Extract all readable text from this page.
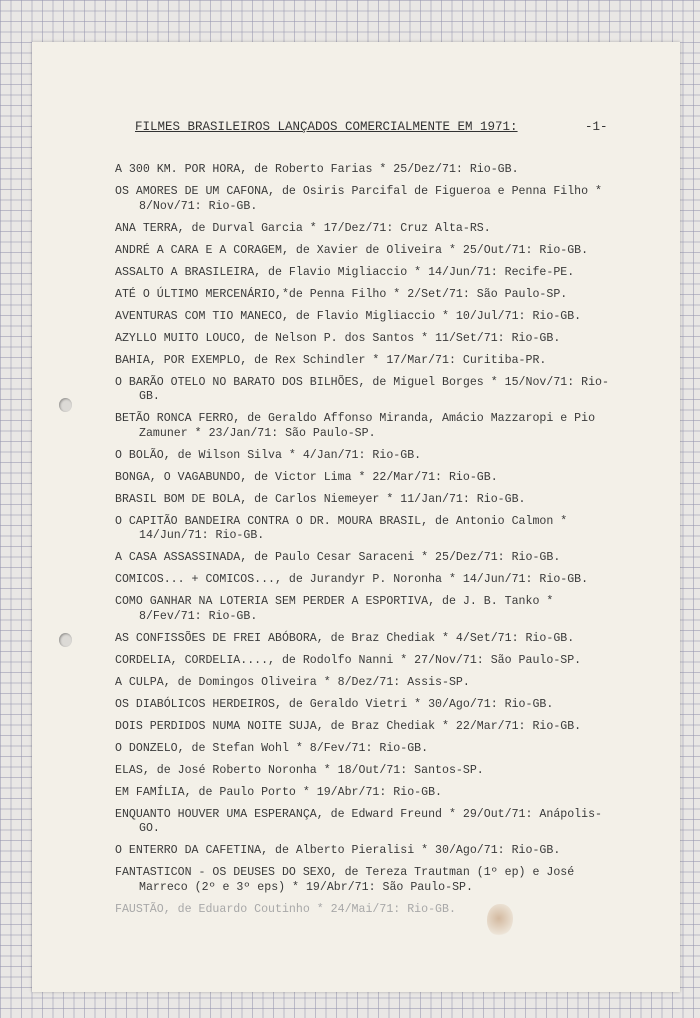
FILMES BRASILEIROS LANÇADOS COMERCIALMENTE EM 1971:	-1-
A 300 KM. POR HORA, de Roberto Farias * 25/Dez/71: Rio-GB.
OS AMORES DE UM CAFONA, de Osiris Parcifal de Figueroa e Penna Filho * 8/Nov/71: Rio-GB.
ANA TERRA, de Durval Garcia * 17/Dez/71: Cruz Alta-RS.
ANDRÉ A CARA E A CORAGEM, de Xavier de Oliveira * 25/Out/71: Rio-GB.
ASSALTO A BRASILEIRA, de Flavio Migliaccio * 14/Jun/71: Recife-PE.
ATÉ O ÚLTIMO MERCENÁRIO,*de Penna Filho * 2/Set/71: São Paulo-SP.
AVENTURAS COM TIO MANECO, de Flavio Migliaccio * 10/Jul/71: Rio-GB.
AZYLLO MUITO LOUCO, de Nelson P. dos Santos * 11/Set/71: Rio-GB.
BAHIA, POR EXEMPLO, de Rex Schindler * 17/Mar/71: Curitiba-PR.
O BARÃO OTELO NO BARATO DOS BILHÕES, de Miguel Borges * 15/Nov/71: Rio-GB.
BETÃO RONCA FERRO, de Geraldo Affonso Miranda, Amácio Mazzaropi e Pio Zamuner * 23/Jan/71: São Paulo-SP.
O BOLÃO, de Wilson Silva * 4/Jan/71: Rio-GB.
BONGA, O VAGABUNDO, de Victor Lima * 22/Mar/71: Rio-GB.
BRASIL BOM DE BOLA, de Carlos Niemeyer * 11/Jan/71: Rio-GB.
O CAPITÃO BANDEIRA CONTRA O DR. MOURA BRASIL, de Antonio Calmon * 14/Jun/71: Rio-GB.
A CASA ASSASSINADA, de Paulo Cesar Saraceni * 25/Dez/71: Rio-GB.
COMICOS... + COMICOS..., de Jurandyr P. Noronha * 14/Jun/71: Rio-GB.
COMO GANHAR NA LOTERIA SEM PERDER A ESPORTIVA, de J. B. Tanko * 8/Fev/71: Rio-GB.
AS CONFISSÕES DE FREI ABÓBORA, de Braz Chediak * 4/Set/71: Rio-GB.
CORDELIA, CORDELIA...., de Rodolfo Nanni * 27/Nov/71: São Paulo-SP.
A CULPA, de Domingos Oliveira * 8/Dez/71: Assis-SP.
OS DIABÓLICOS HERDEIROS, de Geraldo Vietri * 30/Ago/71: Rio-GB.
DOIS PERDIDOS NUMA NOITE SUJA, de Braz Chediak * 22/Mar/71: Rio-GB.
O DONZELO, de Stefan Wohl * 8/Fev/71: Rio-GB.
ELAS, de José Roberto Noronha * 18/Out/71: Santos-SP.
EM FAMÍLIA, de Paulo Porto * 19/Abr/71: Rio-GB.
ENQUANTO HOUVER UMA ESPERANÇA, de Edward Freund * 29/Out/71: Anápolis-GO.
O ENTERRO DA CAFETINA, de Alberto Pieralisi * 30/Ago/71: Rio-GB.
FANTASTICON - OS DEUSES DO SEXO, de Tereza Trautman (1º ep) e José Marreco (2º e 3º eps) * 19/Abr/71: São Paulo-SP.
FAUSTÃO, de Eduardo Coutinho * 24/Mai/71: Rio-GB.
